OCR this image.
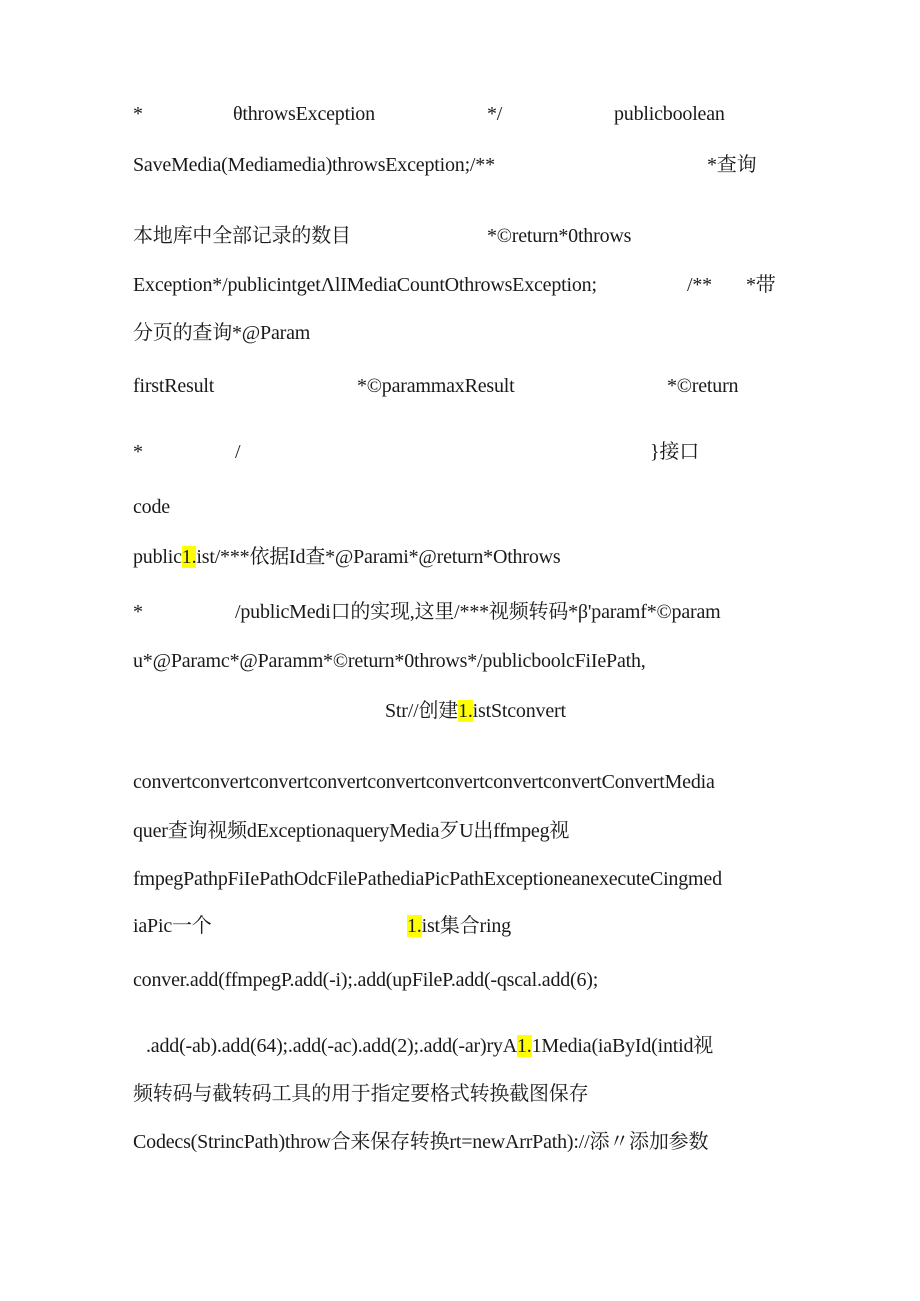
*	θthrowsException	*/	publicboolean
SaveMedia(Mediamedia)throwsException;/**	*查询
本地库中全部记录的数目	*©return*0throws
Exception*/publicintgetΛlIMediaCountOthrowsException;	/** *带
分页的查询*@Param
firstResult	*©parammaxResult	*©return
*	/	}接口
code
public1.ist/***依据Id查*@Parami*@return*Othrows
*	/publicMedi口的实现,这里/***视频转码*β'paramf*©param
u*@Paramc*@Paramm*©return*0throws*/publicboolcFiIePath,
Str//创建1.istStconvert
convertconvertconvertconvertconvertconvertconvertconvertConvertMedia
quer查询视频dExceptionaqueryMedia歹U出ffmpeg视
fmpegPathpFiIePathOdcFilePathediaPicPathExceptioneanexecuteCingmed
iaPic一个	1.ist集合ring
conver.add(ffmpegP.add(-i);.add(upFileP.add(-qscal.add(6);
.add(-ab).add(64);.add(-ac).add(2);.add(-ar)ryA1.1Media(iaById(intid视
频转码与截转码工具的用于指定要格式转换截图保存
Codecs(StrincPath)throw合来保存转换rt=newArrPath)://添〃添加参数
